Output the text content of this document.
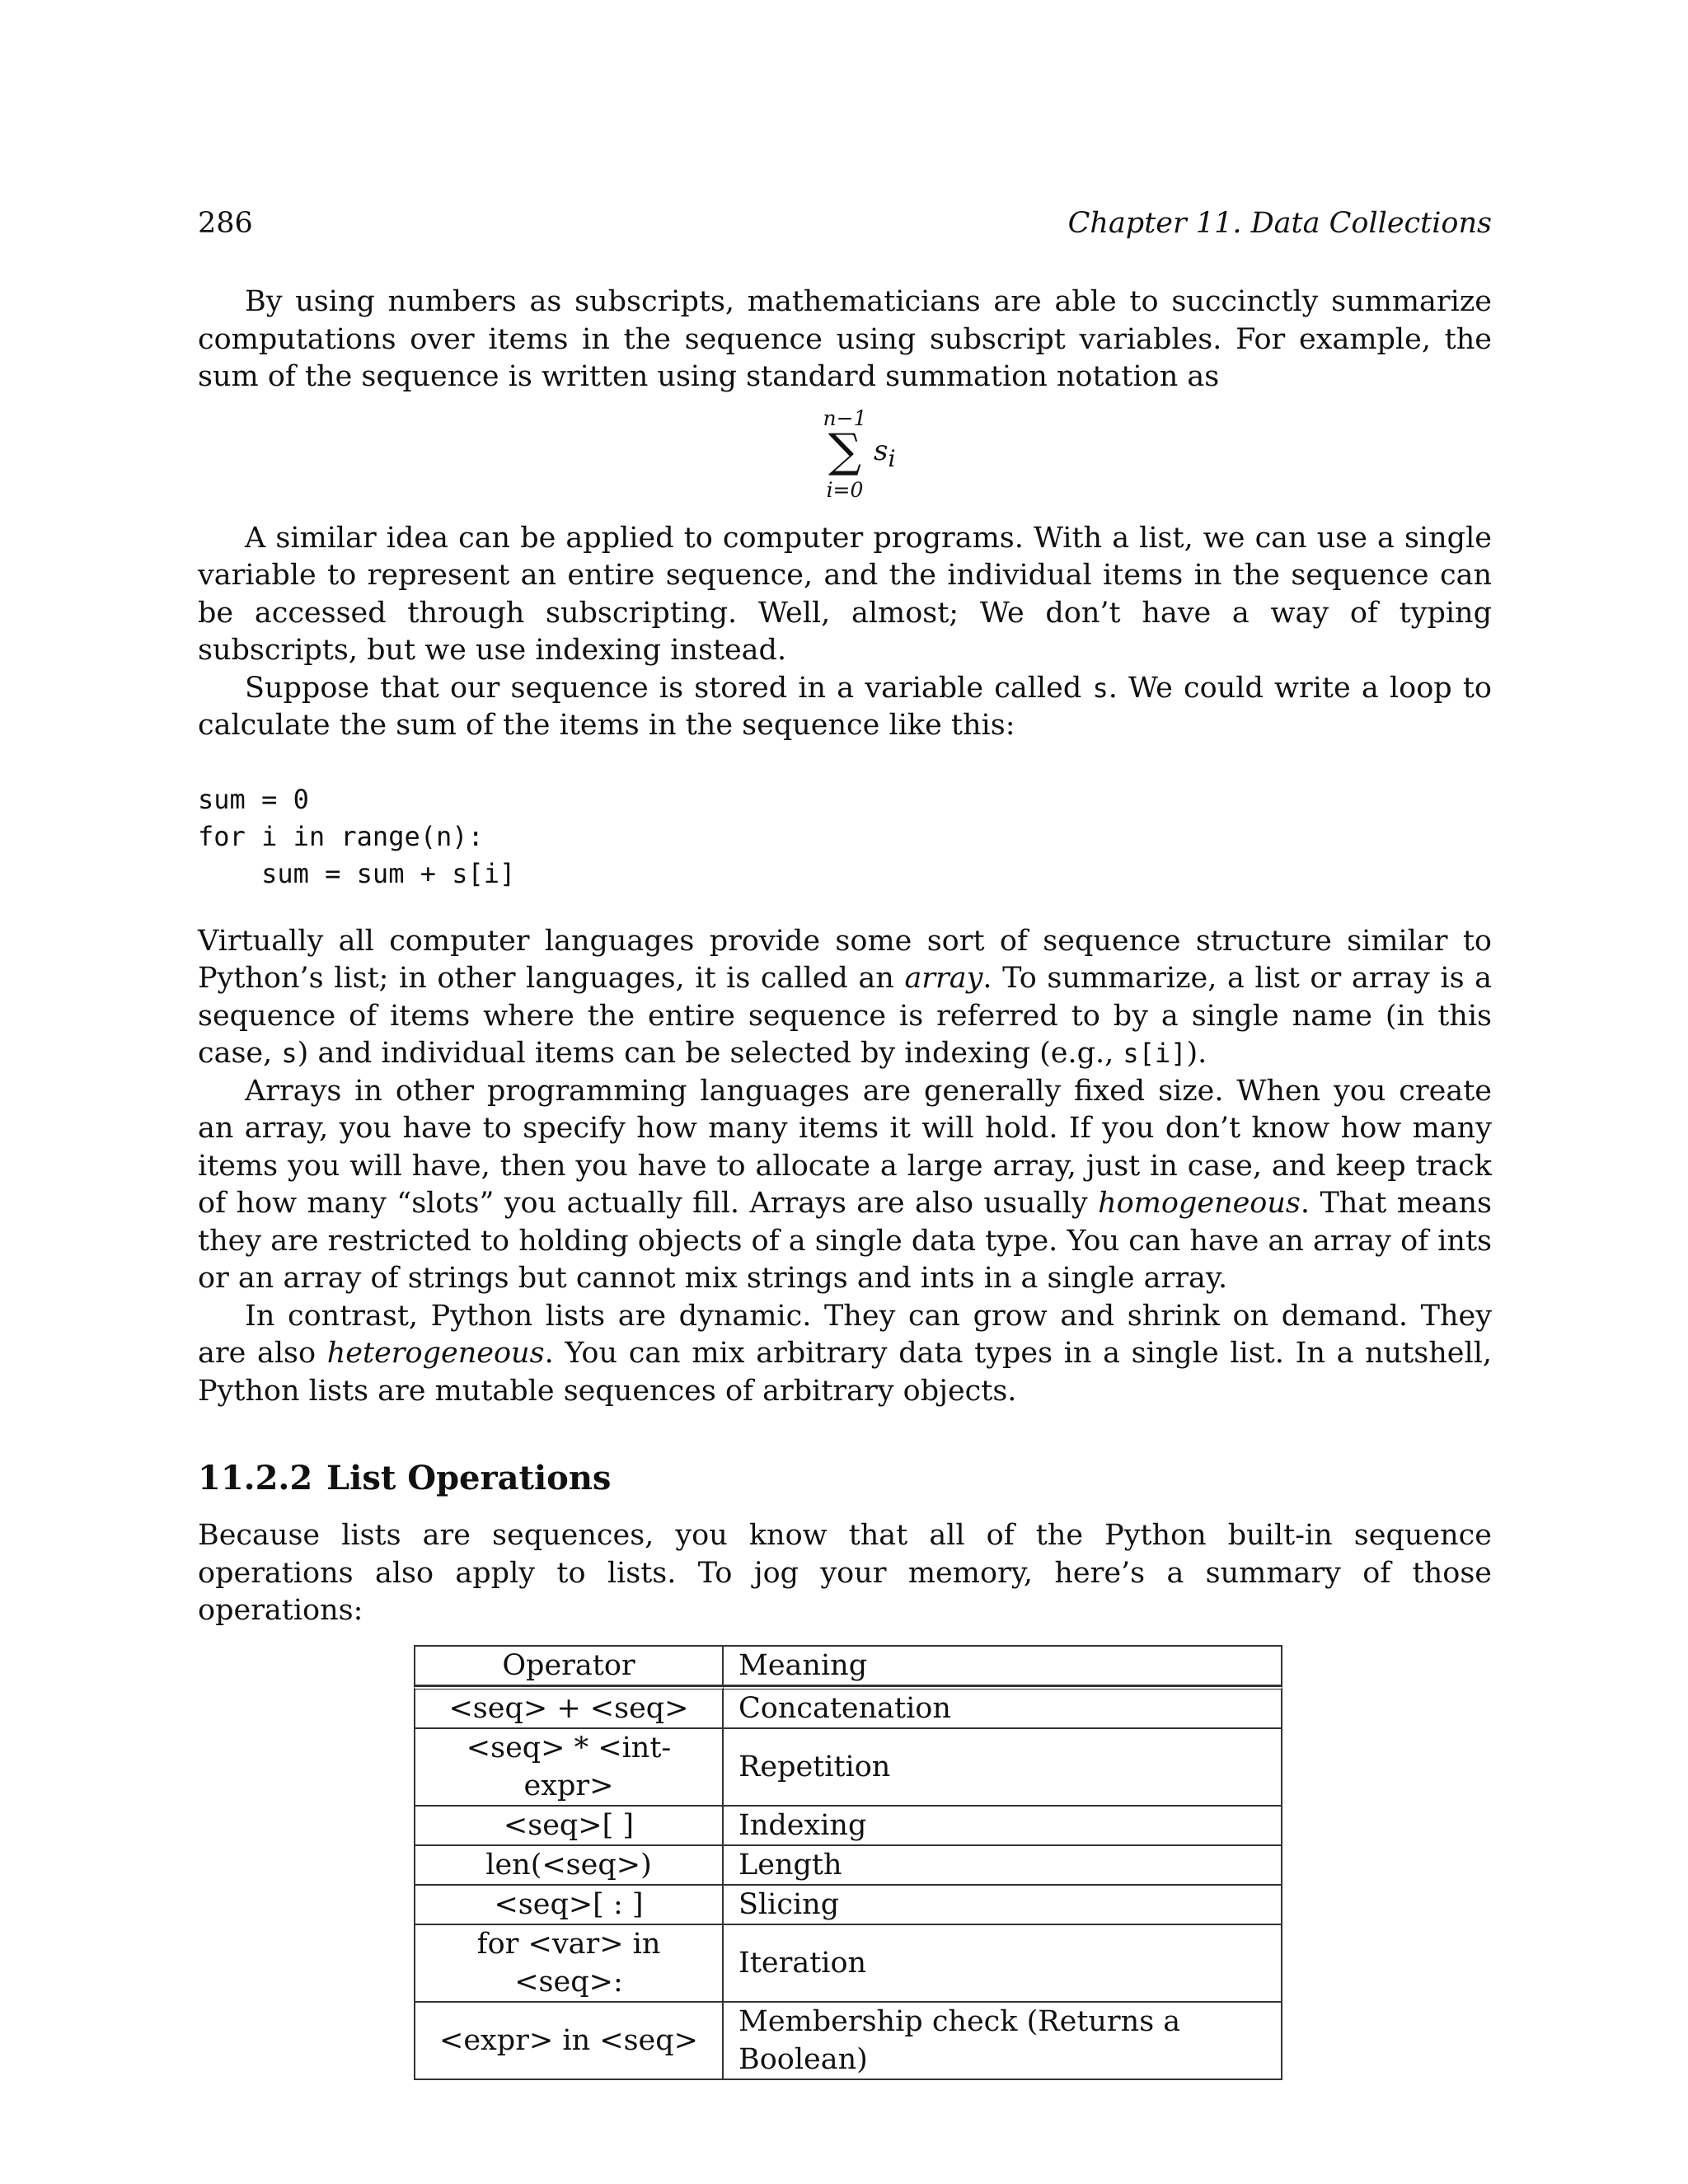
286	Chapter 11. Data Collections

By using numbers as subscripts, mathematicians are able to succinctly summarize computations over items in the sequence using subscript variables. For example, the sum of the sequence is written using standard summation notation as

n−1
∑ $s_i$
i=0

A similar idea can be applied to computer programs. With a list, we can use a single variable to represent an entire sequence, and the individual items in the sequence can be accessed through subscripting. Well, almost; We don’t have a way of typing subscripts, but we use indexing instead.

Suppose that our sequence is stored in a variable called s. We could write a loop to calculate the sum of the items in the sequence like this:

sum = 0
for i in range(n):
sum = sum + s[i]

Virtually all computer languages provide some sort of sequence structure similar to Python’s list; in other languages, it is called an array. To summarize, a list or array is a sequence of items where the entire sequence is referred to by a single name (in this case, s) and individual items can be selected by indexing (e.g., s[i]).

Arrays in other programming languages are generally fixed size. When you create an array, you have to specify how many items it will hold. If you don’t know how many items you will have, then you have to allocate a large array, just in case, and keep track of how many “slots” you actually fill. Arrays are also usually homogeneous. That means they are restricted to holding objects of a single data type. You can have an array of ints or an array of strings but cannot mix strings and ints in a single array.

In contrast, Python lists are dynamic. They can grow and shrink on demand. They are also heterogeneous. You can mix arbitrary data types in a single list. In a nutshell, Python lists are mutable sequences of arbitrary objects.

11.2.2 List Operations

Because lists are sequences, you know that all of the Python built-in sequence operations also apply to lists. To jog your memory, here’s a summary of those operations:

Operator	Meaning
<seq> + <seq>	Concatenation
<seq> * <int-expr>	Repetition
<seq>[ ]	Indexing
len(<seq>)	Length
<seq>[ : ]	Slicing
for <var> in <seq>:	Iteration
<expr> in <seq>	Membership check (Returns a Boolean)
